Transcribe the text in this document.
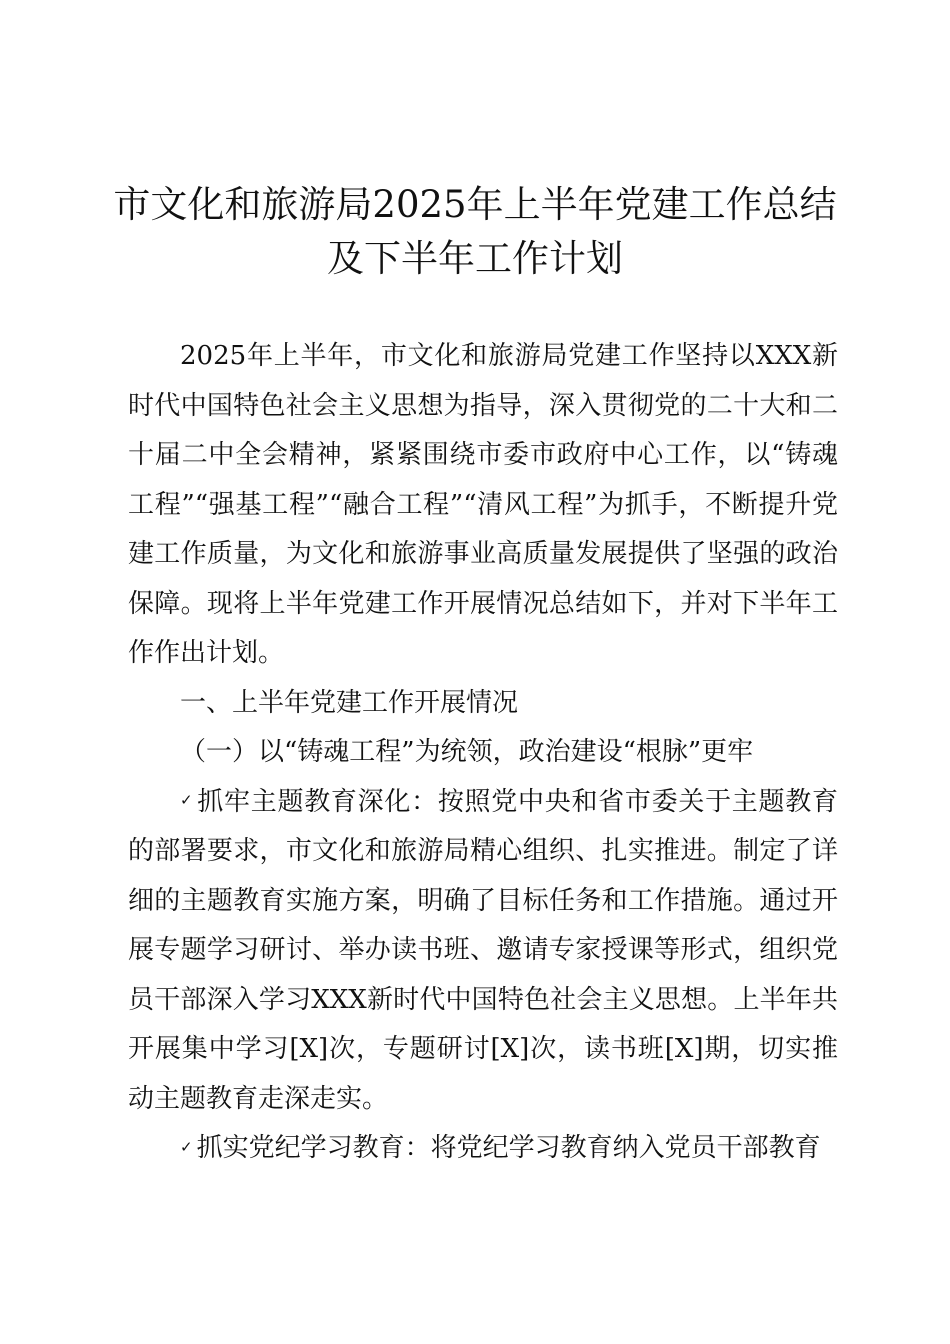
市文化和旅游局2025年上半年党建工作总结
及下半年工作计划

2025年上半年，市文化和旅游局党建工作坚持以XXX新时代中国特色社会主义思想为指导，深入贯彻党的二十大和二十届二中全会精神，紧紧围绕市委市政府中心工作，以“铸魂工程”“强基工程”“融合工程”“清风工程”为抓手，不断提升党建工作质量，为文化和旅游事业高质量发展提供了坚强的政治保障。现将上半年党建工作开展情况总结如下，并对下半年工作作出计划。

一、上半年党建工作开展情况

（一）以“铸魂工程”为统领，政治建设“根脉”更牢

✓ 抓牢主题教育深化：按照党中央和省市委关于主题教育的部署要求，市文化和旅游局精心组织、扎实推进。制定了详细的主题教育实施方案，明确了目标任务和工作措施。通过开展专题学习研讨、举办读书班、邀请专家授课等形式，组织党员干部深入学习XXX新时代中国特色社会主义思想。上半年共开展集中学习[X]次，专题研讨[X]次，读书班[X]期，切实推动主题教育走深走实。

✓ 抓实党纪学习教育：将党纪学习教育纳入党员干部教育
